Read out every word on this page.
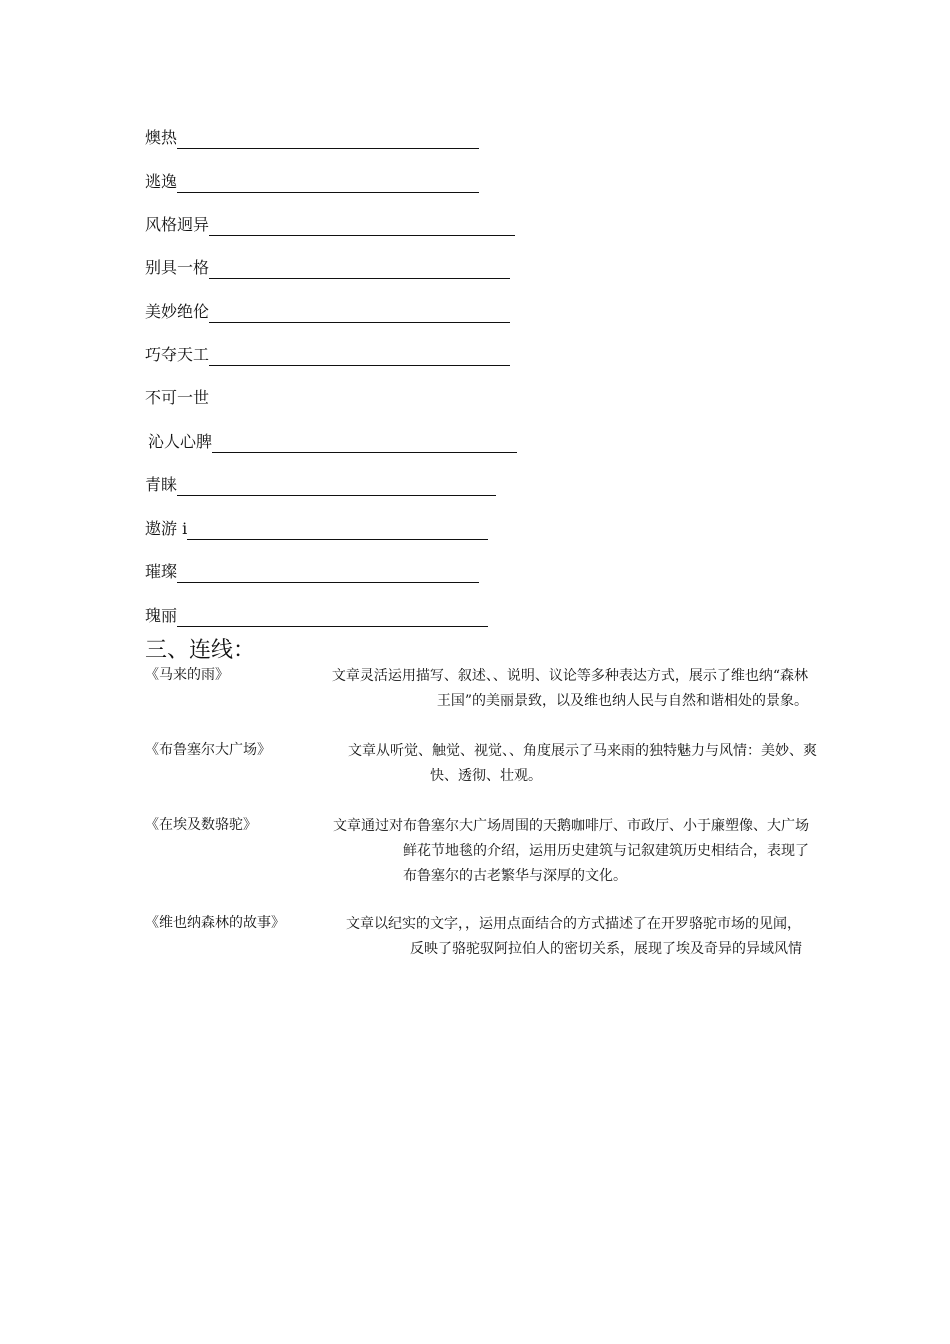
燠热
逃逸
风格迥异
别具一格
美妙绝伦
巧夺天工
不可一世
沁人心脾
青睐
遨游 i
璀璨
瑰丽
三、连线：
《马来的雨》	文章灵活运用描写、叙述、、说明、议论等多种表达方式，展示了维也纳“森林
王国”的美丽景致，以及维也纳人民与自然和谐相处的景象。
《布鲁塞尔大广场》	文章从听觉、触觉、视觉、、角度展示了马来雨的独特魅力与风情：美妙、爽
快、透彻、壮观。
《在埃及数骆驼》	文章通过对布鲁塞尔大广场周围的天鹅咖啡厅、市政厅、小于廉塑像、大广场
鲜花节地毯的介绍，运用历史建筑与记叙建筑历史相结合，表现了
布鲁塞尔的古老繁华与深厚的文化。
《维也纳森林的故事》	文章以纪实的文字，，运用点面结合的方式描述了在开罗骆驼市场的见闻，
反映了骆驼驭阿拉伯人的密切关系，展现了埃及奇异的异域风情
